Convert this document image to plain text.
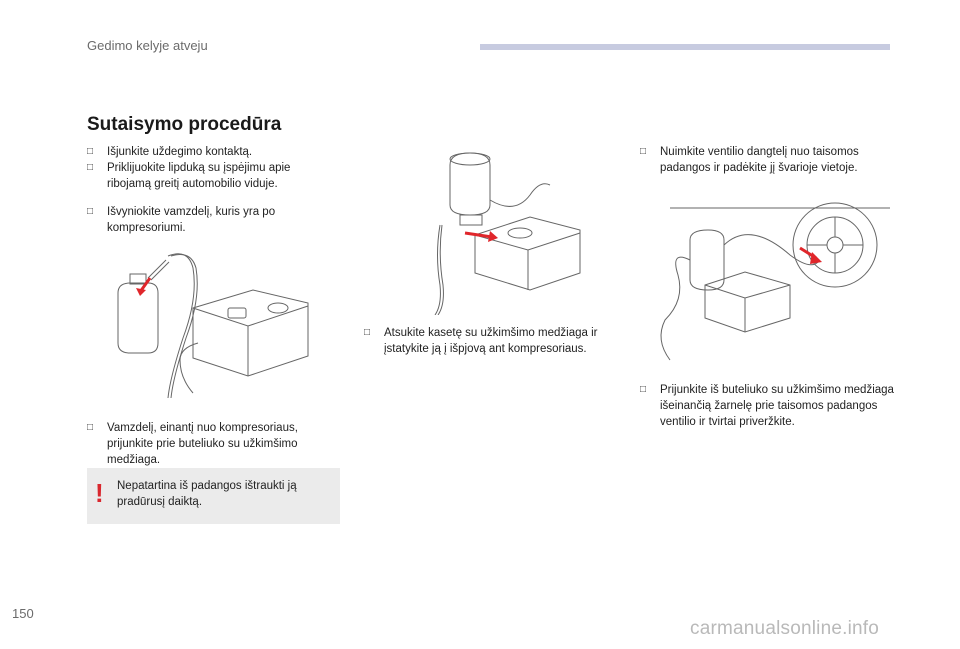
Gedimo kelyje atveju
Sutaisymo procedūra
□ Išjunkite uždegimo kontaktą.
□ Priklijuokite lipduką su įspėjimu apie ribojamą greitį automobilio viduje.
□ Išvyniokite vamzdelį, kuris yra po kompresoriumi.
□ Vamzdelį, einantį nuo kompresoriaus, prijunkite prie buteliuko su užkimšimo medžiaga.
! Nepatartina iš padangos ištraukti ją pradūrusį daiktą.
□ Atsukite kasetę su užkimšimo medžiaga ir įstatykite ją į išpjovą ant kompresoriaus.
□ Nuimkite ventilio dangtelį nuo taisomos padangos ir padėkite jį švarioje vietoje.
□ Prijunkite iš buteliuko su užkimšimo medžiaga išeinančią žarnelę prie taisomos padangos ventilio ir tvirtai priveržkite.
150
carmanualsonline.info
